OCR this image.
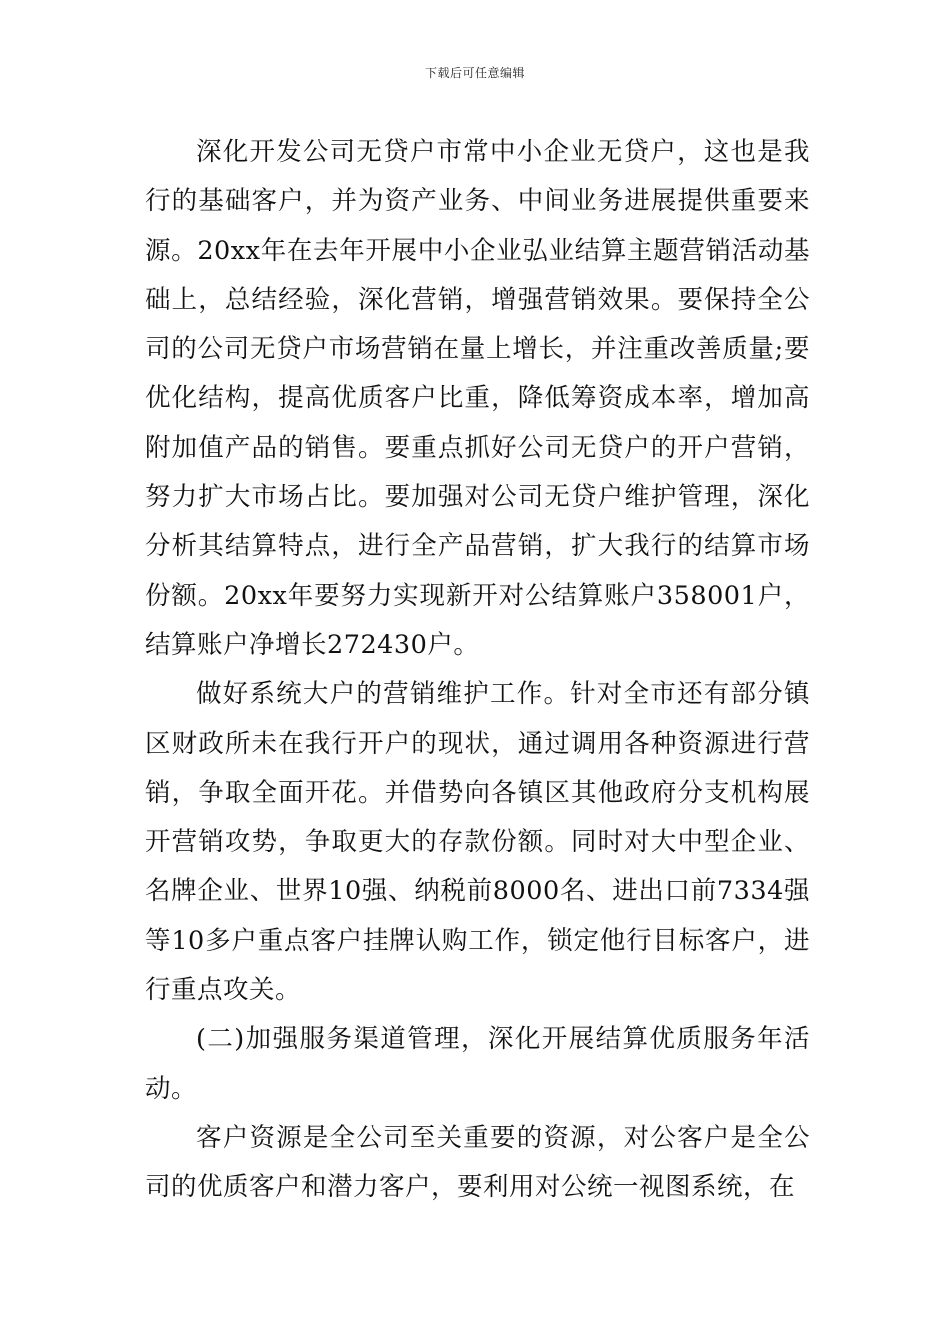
下载后可任意编辑

深化开发公司无贷户市常中小企业无贷户，这也是我行的基础客户，并为资产业务、中间业务进展提供重要来源。20xx年在去年开展中小企业弘业结算主题营销活动基础上，总结经验，深化营销，增强营销效果。要保持全公司的公司无贷户市场营销在量上增长，并注重改善质量;要优化结构，提高优质客户比重，降低筹资成本率，增加高附加值产品的销售。要重点抓好公司无贷户的开户营销，努力扩大市场占比。要加强对公司无贷户维护管理，深化分析其结算特点，进行全产品营销，扩大我行的结算市场份额。20xx年要努力实现新开对公结算账户358001户，结算账户净增长272430户。

做好系统大户的营销维护工作。针对全市还有部分镇区财政所未在我行开户的现状，通过调用各种资源进行营销，争取全面开花。并借势向各镇区其他政府分支机构展开营销攻势，争取更大的存款份额。同时对大中型企业、名牌企业、世界10强、纳税前8000名、进出口前7334强等10多户重点客户挂牌认购工作，锁定他行目标客户，进行重点攻关。

(二)加强服务渠道管理，深化开展结算优质服务年活动。

客户资源是全公司至关重要的资源，对公客户是全公司的优质客户和潜力客户，要利用对公统一视图系统，在
